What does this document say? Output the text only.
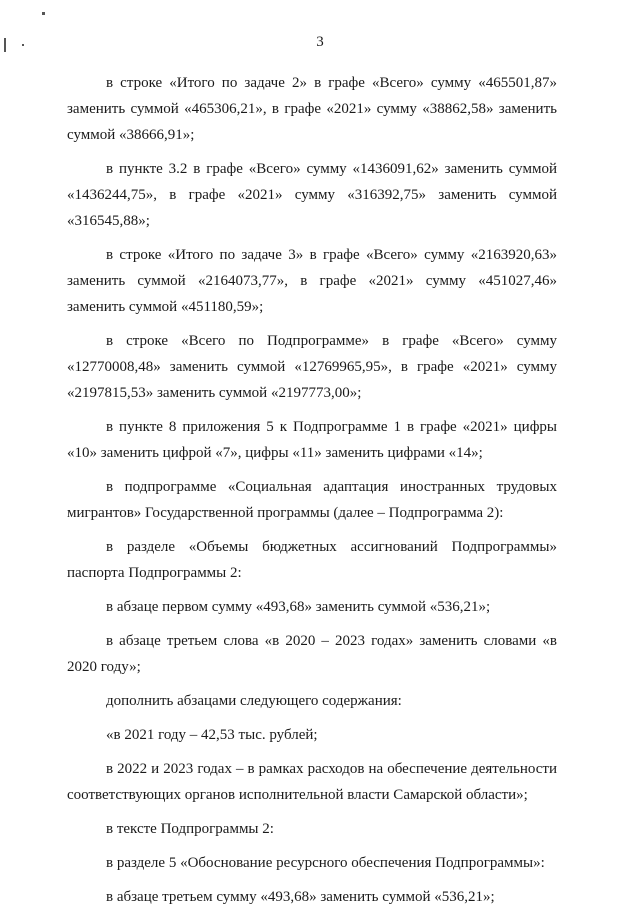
3

в строке «Итого по задаче 2» в графе «Всего» сумму «465501,87» заменить суммой «465306,21», в графе «2021» сумму «38862,58» заменить суммой «38666,91»;

в пункте 3.2 в графе «Всего» сумму «1436091,62» заменить суммой «1436244,75», в графе «2021» сумму «316392,75» заменить суммой «316545,88»;

в строке «Итого по задаче 3» в графе «Всего» сумму «2163920,63» заменить суммой «2164073,77», в графе «2021» сумму «451027,46» заменить суммой «451180,59»;

в строке «Всего по Подпрограмме» в графе «Всего» сумму «12770008,48» заменить суммой «12769965,95», в графе «2021» сумму «2197815,53» заменить суммой «2197773,00»;

в пункте 8 приложения 5 к Подпрограмме 1 в графе «2021» цифры «10» заменить цифрой «7», цифры «11» заменить цифрами «14»;

в подпрограмме «Социальная адаптация иностранных трудовых мигрантов» Государственной программы (далее – Подпрограмма 2):

в разделе «Объемы бюджетных ассигнований Подпрограммы» паспорта Подпрограммы 2:

в абзаце первом сумму «493,68» заменить суммой «536,21»;

в абзаце третьем слова «в 2020 – 2023 годах» заменить словами «в 2020 году»;

дополнить абзацами следующего содержания:

«в 2021 году – 42,53 тыс. рублей;

в 2022 и 2023 годах – в рамках расходов на обеспечение деятельности соответствующих органов исполнительной власти Самарской области»;

в тексте Подпрограммы 2:

в разделе 5 «Обоснование ресурсного обеспечения Подпрограммы»:

в абзаце третьем сумму «493,68» заменить суммой «536,21»;
